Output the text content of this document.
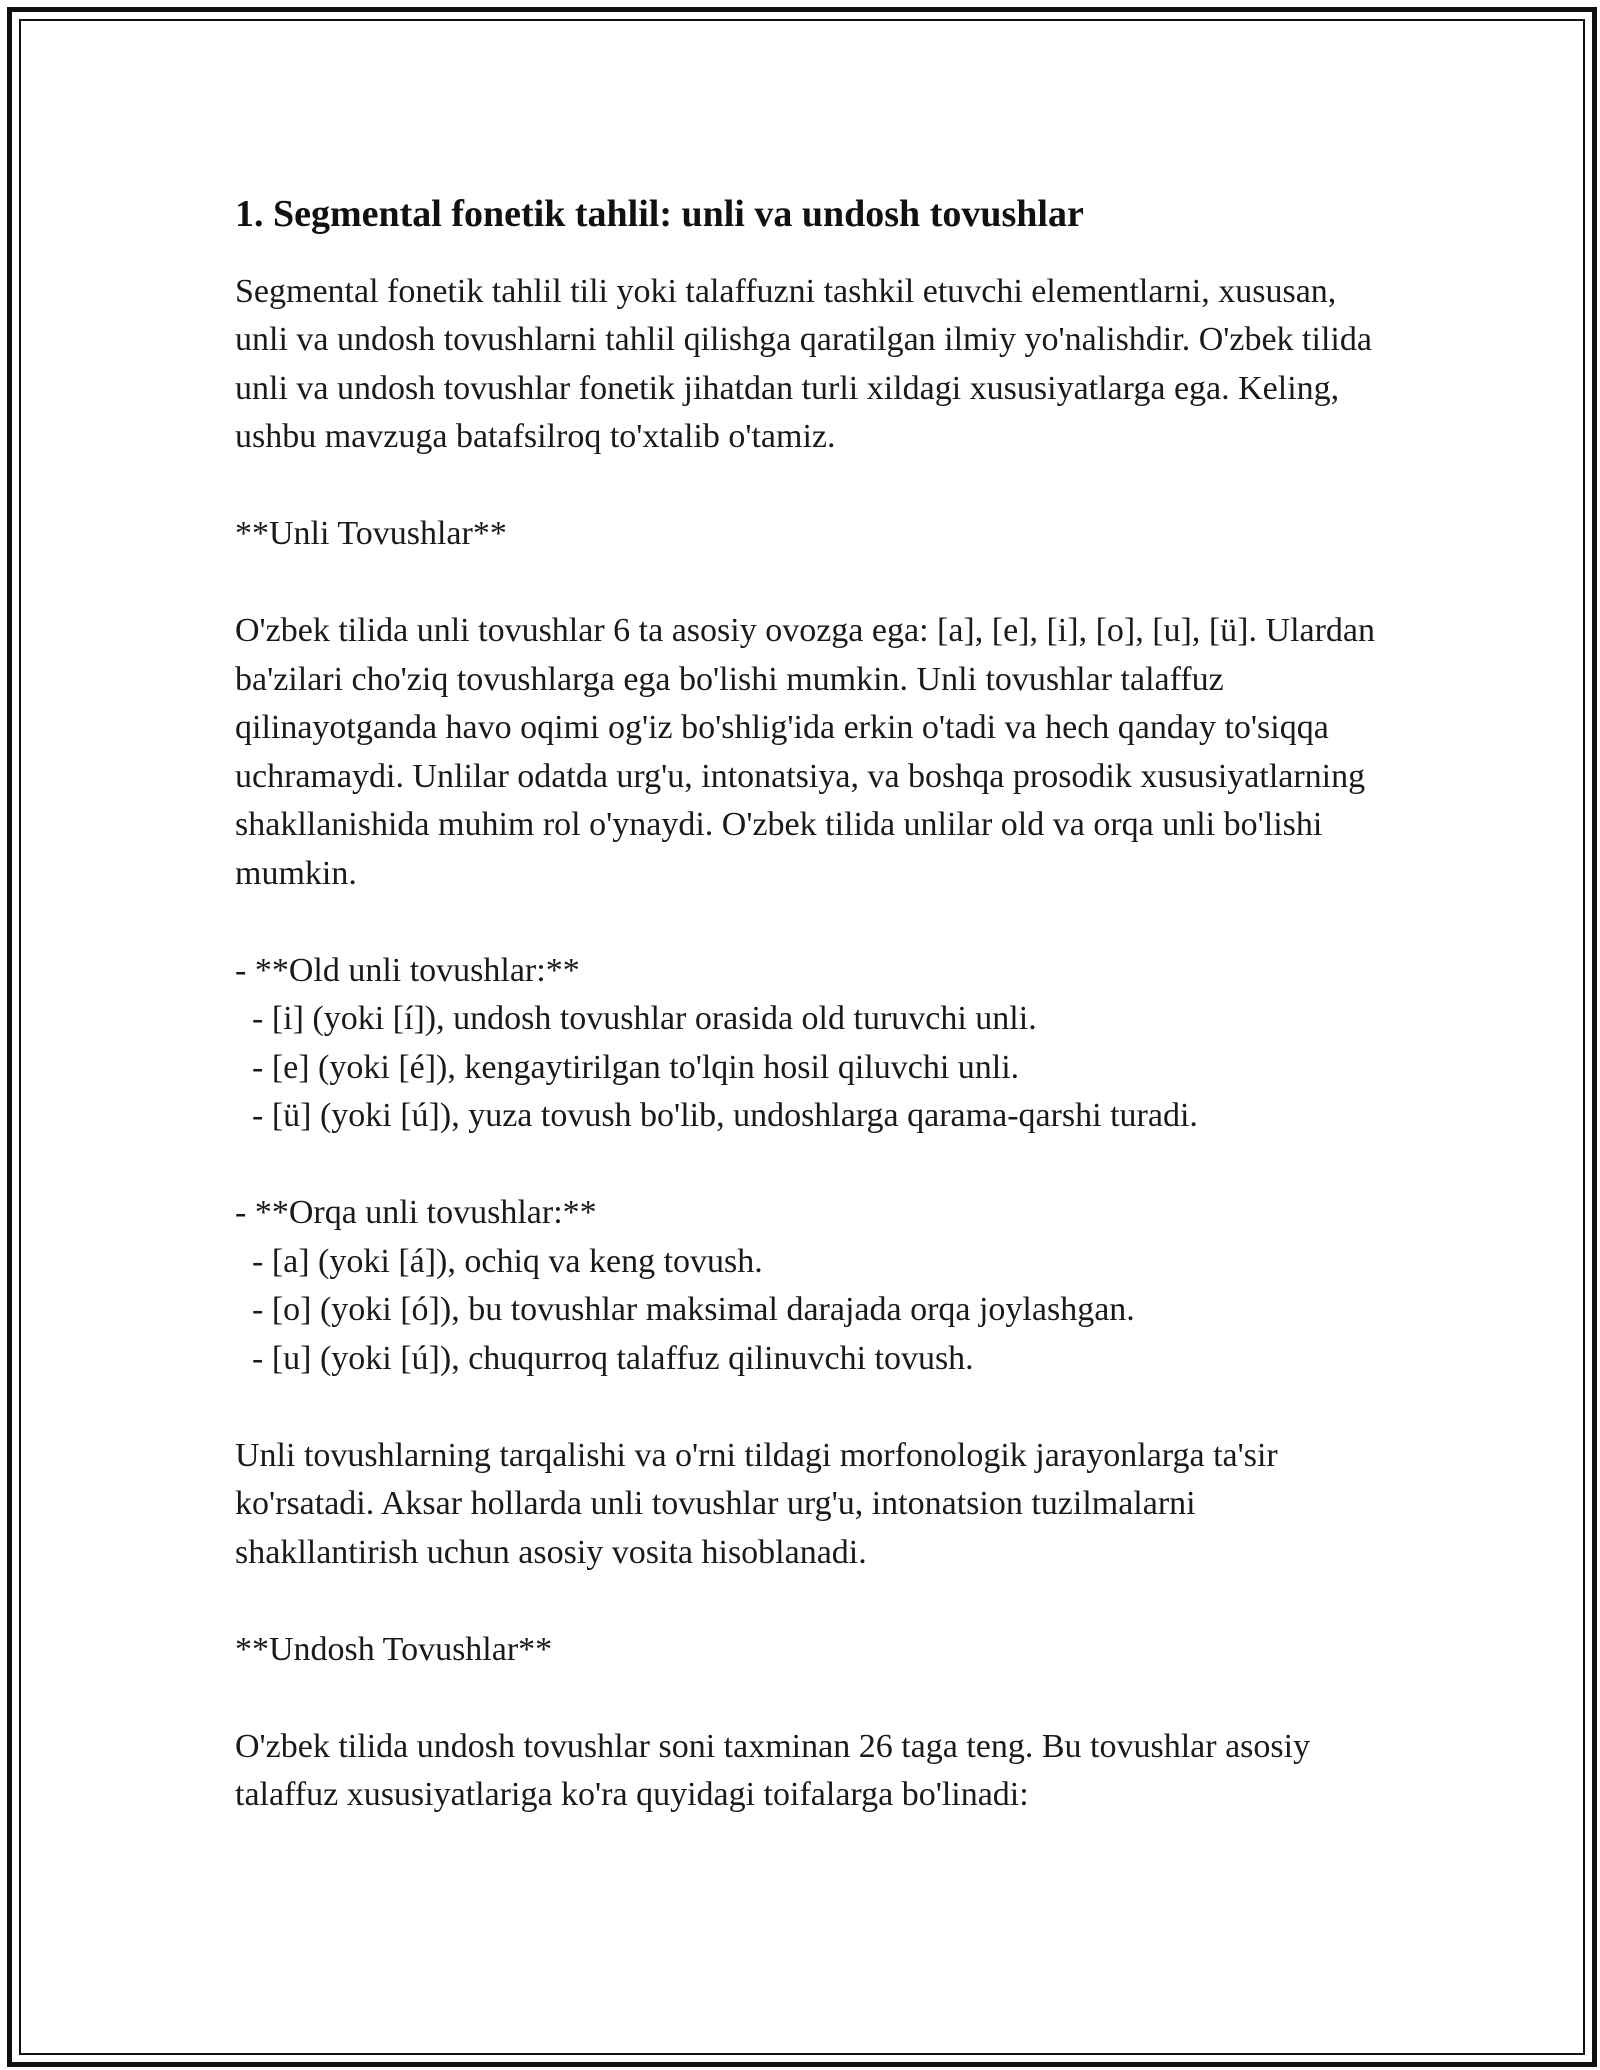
1. Segmental fonetik tahlil: unli va undosh tovushlar

Segmental fonetik tahlil tili yoki talaffuzni tashkil etuvchi elementlarni, xususan, unli va undosh tovushlarni tahlil qilishga qaratilgan ilmiy yo'nalishdir. O'zbek tilida unli va undosh tovushlar fonetik jihatdan turli xildagi xususiyatlarga ega. Keling, ushbu mavzuga batafsilroq to'xtalib o'tamiz.

**Unli Tovushlar**

O'zbek tilida unli tovushlar 6 ta asosiy ovozga ega: [a], [e], [i], [o], [u], [ü]. Ulardan ba'zilari cho'ziq tovushlarga ega bo'lishi mumkin. Unli tovushlar talaffuz qilinayotganda havo oqimi og'iz bo'shlig'ida erkin o'tadi va hech qanday to'siqqa uchramaydi. Unlilar odatda urg'u, intonatsiya, va boshqa prosodik xususiyatlarning shakllanishida muhim rol o'ynaydi. O'zbek tilida unlilar old va orqa unli bo'lishi mumkin.

- **Old unli tovushlar:**

- [i] (yoki [í]), undosh tovushlar orasida old turuvchi unli.

- [e] (yoki [é]), kengaytirilgan to'lqin hosil qiluvchi unli.

- [ü] (yoki [ú]), yuza tovush bo'lib, undoshlarga qarama-qarshi turadi.

- **Orqa unli tovushlar:**

- [a] (yoki [á]), ochiq va keng tovush.

- [o] (yoki [ó]), bu tovushlar maksimal darajada orqa joylashgan.

- [u] (yoki [ú]), chuqurroq talaffuz qilinuvchi tovush.

Unli tovushlarning tarqalishi va o'rni tildagi morfonologik jarayonlarga ta'sir ko'rsatadi. Aksar hollarda unli tovushlar urg'u, intonatsion tuzilmalarni shakllantirish uchun asosiy vosita hisoblanadi.

**Undosh Tovushlar**

O'zbek tilida undosh tovushlar soni taxminan 26 taga teng. Bu tovushlar asosiy talaffuz xususiyatlariga ko'ra quyidagi toifalarga bo'linadi:
